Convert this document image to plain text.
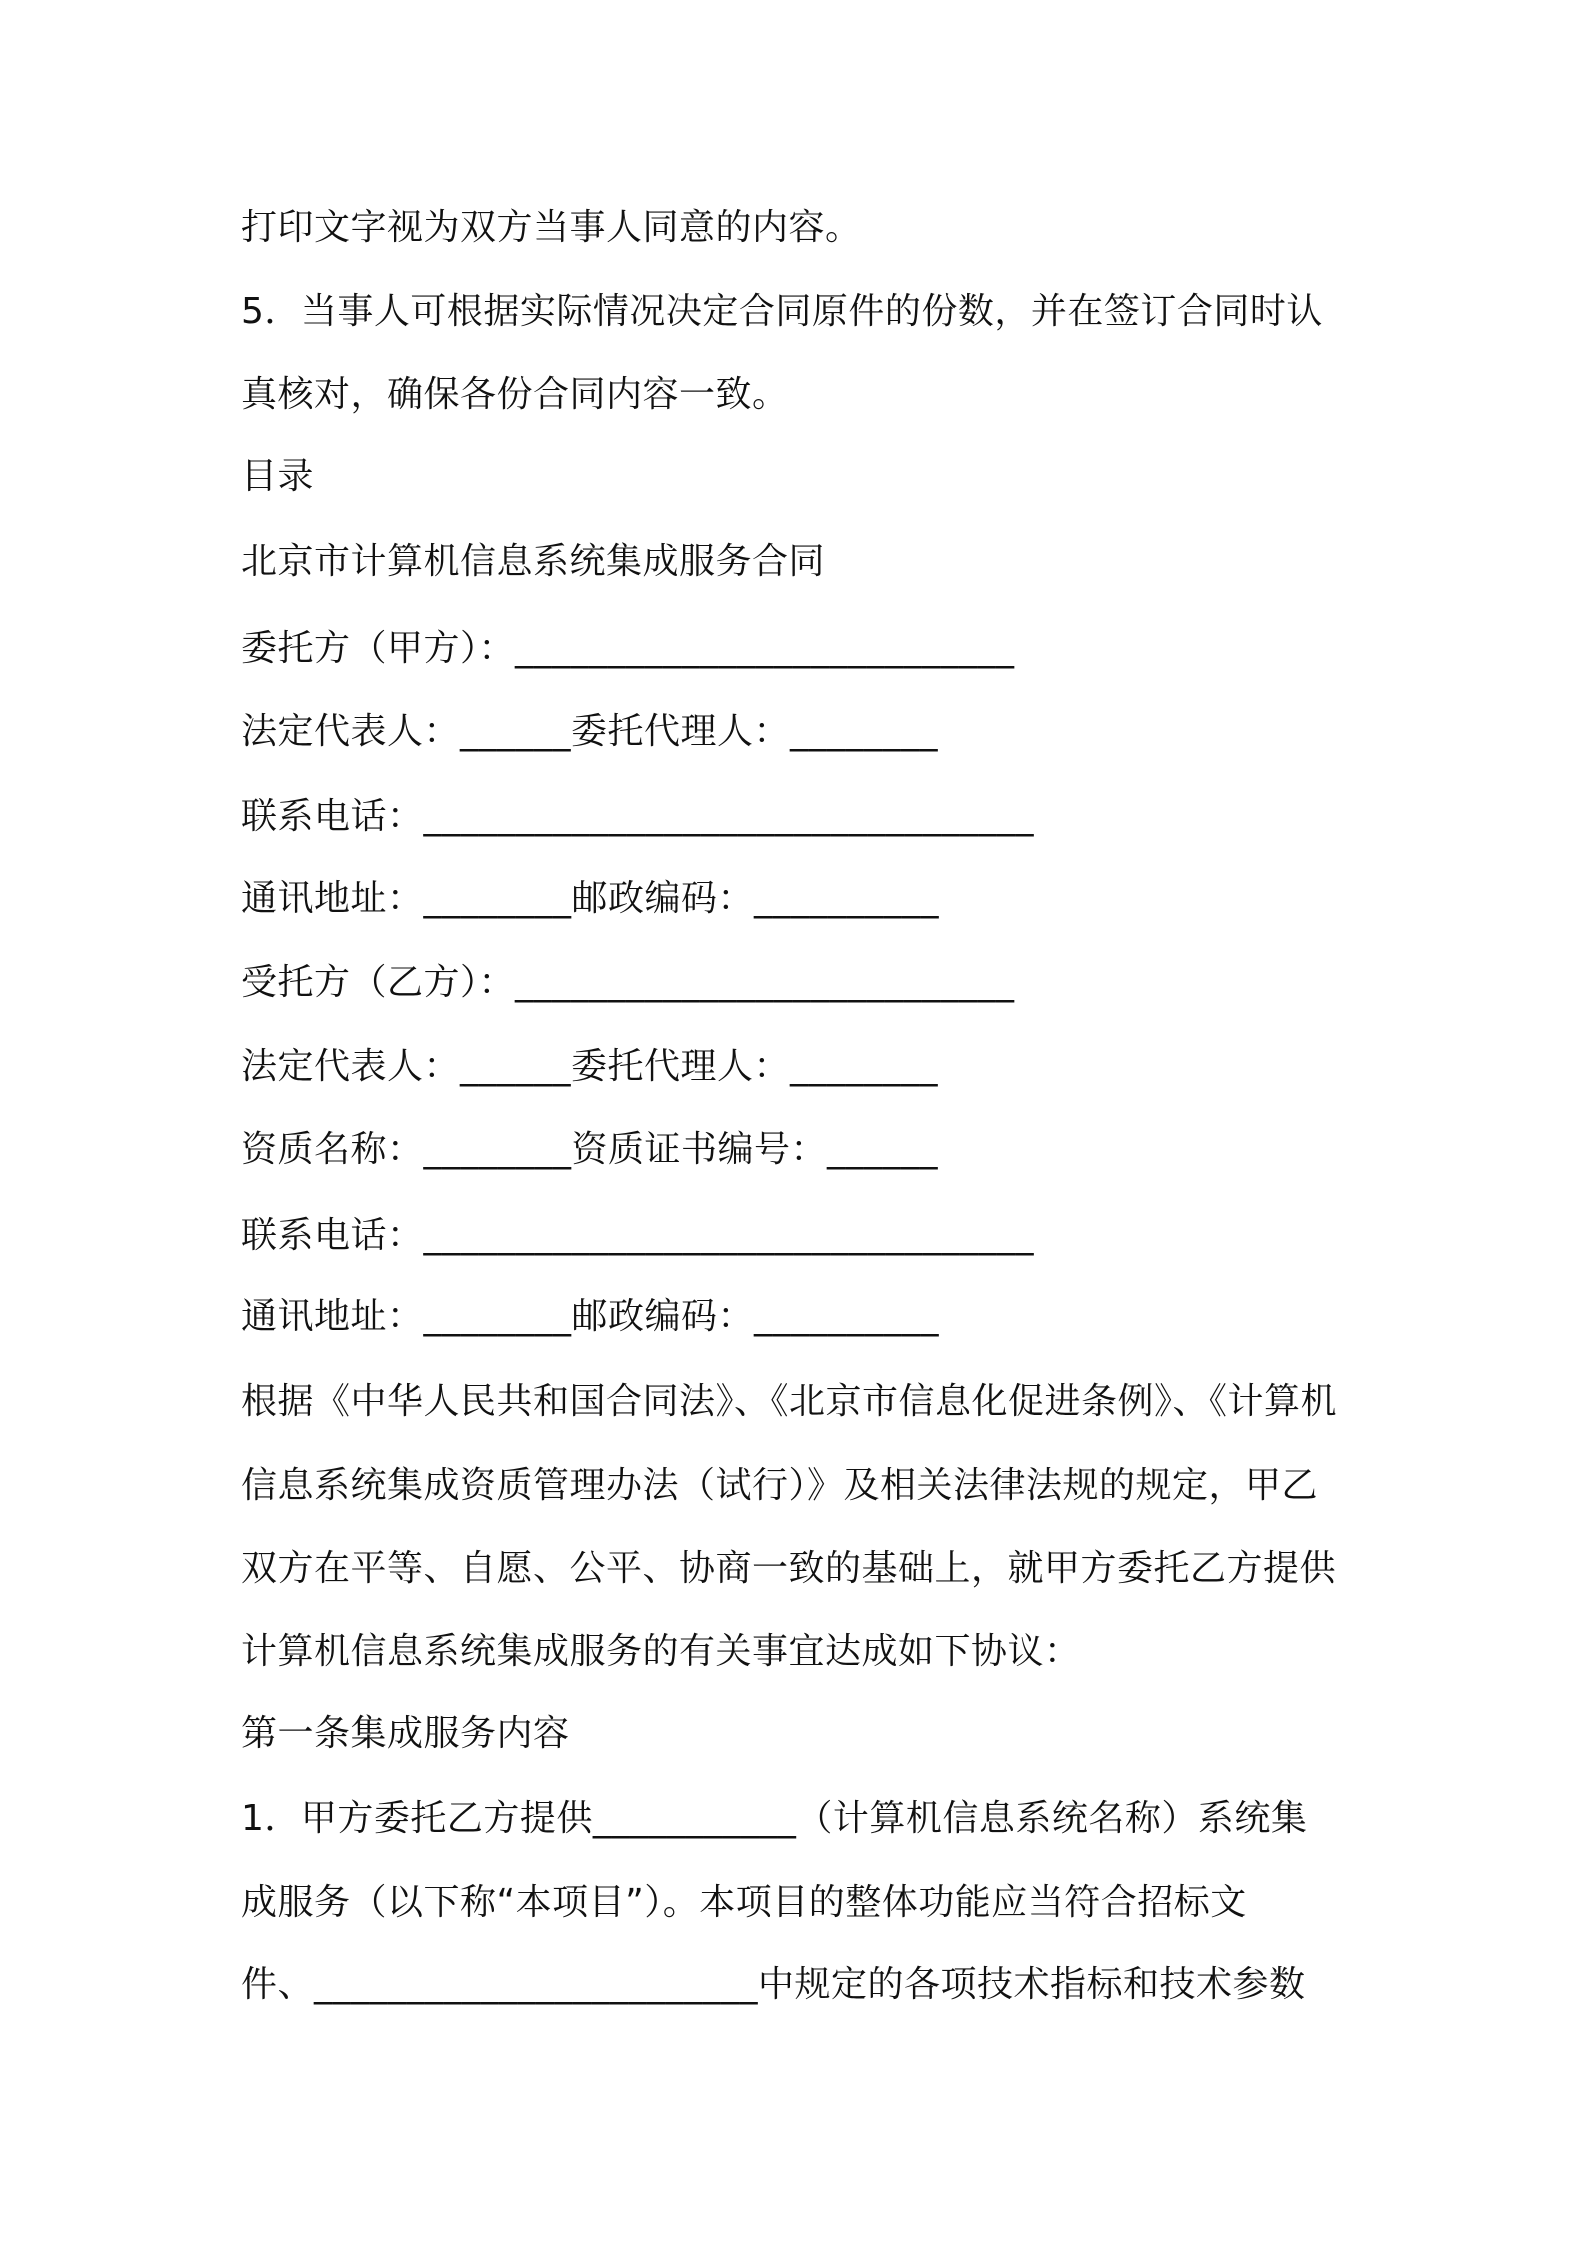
打印文字视为双方当事人同意的内容。
5．当事人可根据实际情况决定合同原件的份数，并在签订合同时认
真核对，确保各份合同内容一致。
目录
北京市计算机信息系统集成服务合同
委托方（甲方）：___________________________
法定代表人：______委托代理人：________
联系电话：_________________________________
通讯地址：________邮政编码：__________
受托方（乙方）：___________________________
法定代表人：______委托代理人：________
资质名称：________资质证书编号：______
联系电话：_________________________________
通讯地址：________邮政编码：__________
根据《中华人民共和国合同法》、《北京市信息化促进条例》、《计算机
信息系统集成资质管理办法（试行）》及相关法律法规的规定，甲乙
双方在平等、自愿、公平、协商一致的基础上，就甲方委托乙方提供
计算机信息系统集成服务的有关事宜达成如下协议：
第一条集成服务内容
1．甲方委托乙方提供___________（计算机信息系统名称）系统集
成服务（以下称“本项目”）。本项目的整体功能应当符合招标文
件、________________________中规定的各项技术指标和技术参数
